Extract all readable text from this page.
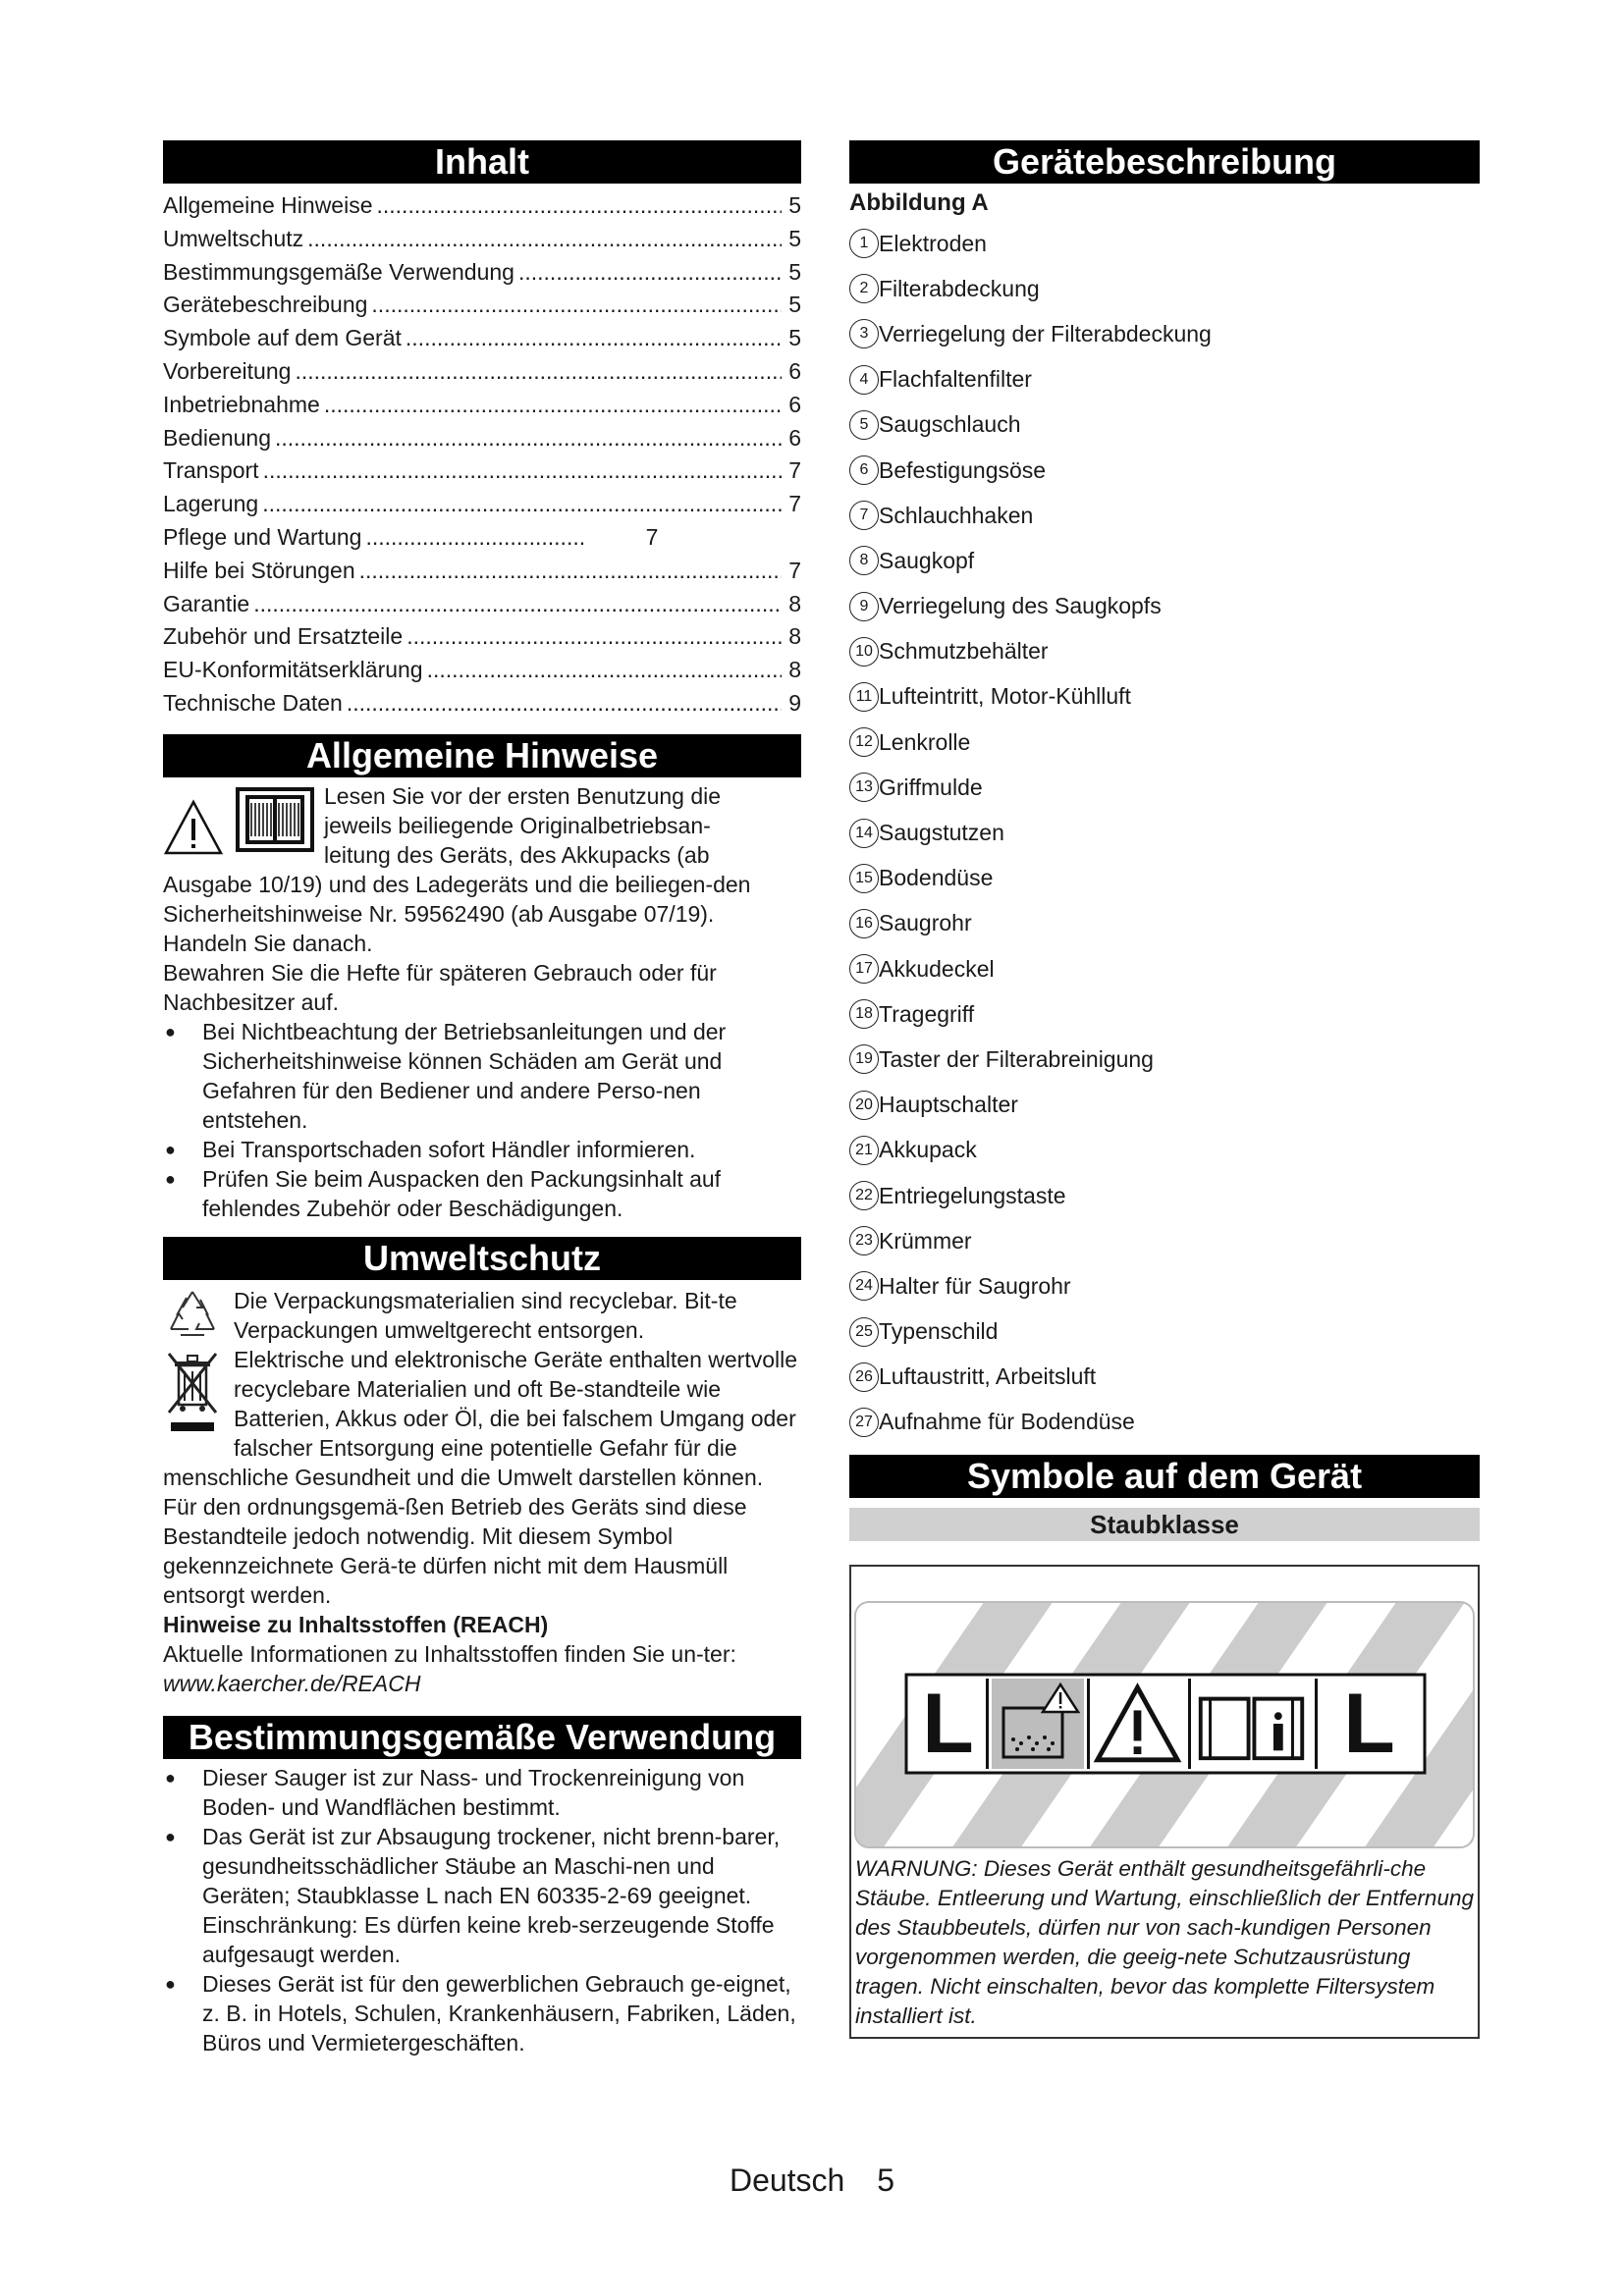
Inhalt
Allgemeine Hinweise .....	5
Umweltschutz .....	5
Bestimmungsgemäße Verwendung .....	5
Gerätebeschreibung .....	5
Symbole auf dem Gerät .....	5
Vorbereitung .....	6
Inbetriebnahme .....	6
Bedienung .....	6
Transport .....	7
Lagerung .....	7
Pflege und Wartung .....	7
Hilfe bei Störungen .....	7
Garantie .....	8
Zubehör und Ersatzteile .....	8
EU-Konformitätserklärung .....	8
Technische Daten .....	9
Allgemeine Hinweise
Lesen Sie vor der ersten Benutzung die
jeweils beiliegende Originalbetriebsan-
leitung des Geräts, des Akkupacks (ab
Ausgabe 10/19) und des Ladegeräts und die beiliegen-den Sicherheitshinweise Nr. 59562490 (ab Ausgabe 07/19). Handeln Sie danach.
Bewahren Sie die Hefte für späteren Gebrauch oder für Nachbesitzer auf.
● Bei Nichtbeachtung der Betriebsanleitungen und der Sicherheitshinweise können Schäden am Gerät und Gefahren für den Bediener und andere Perso-nen entstehen.
● Bei Transportschaden sofort Händler informieren.
● Prüfen Sie beim Auspacken den Packungsinhalt auf fehlendes Zubehör oder Beschädigungen.
Umweltschutz

Die Verpackungsmaterialien sind recyclebar. Bit-te Verpackungen umweltgerecht entsorgen.
Elektrische und elektronische Geräte enthalten wertvolle recyclebare Materialien und oft Be-standteile wie Batterien, Akkus oder Öl, die bei falschem Umgang oder falscher Entsorgung eine potentielle Gefahr für die menschliche Gesundheit und die Umwelt darstellen können. Für den ordnungsgemä-ßen Betrieb des Geräts sind diese Bestandteile jedoch notwendig. Mit diesem Symbol gekennzeichnete Gerä-te dürfen nicht mit dem Hausmüll entsorgt werden.
Hinweise zu Inhaltsstoffen (REACH)
Aktuelle Informationen zu Inhaltsstoffen finden Sie un-ter: www.kaercher.de/REACH
Bestimmungsgemäße Verwendung
● Dieser Sauger ist zur Nass- und Trockenreinigung von Boden- und Wandflächen bestimmt.
● Das Gerät ist zur Absaugung trockener, nicht brenn-barer, gesundheitsschädlicher Stäube an Maschi-nen und Geräten; Staubklasse L nach EN 60335-2-69 geeignet. Einschränkung: Es dürfen keine kreb-serzeugende Stoffe aufgesaugt werden.
● Dieses Gerät ist für den gewerblichen Gebrauch ge-eignet, z. B. in Hotels, Schulen, Krankenhäusern, Fabriken, Läden, Büros und Vermietergeschäften.
Gerätebeschreibung
Abbildung A
1 Elektroden
2 Filterabdeckung
3 Verriegelung der Filterabdeckung
4 Flachfaltenfilter
5 Saugschlauch
6 Befestigungsöse
7 Schlauchhaken
8 Saugkopf
9 Verriegelung des Saugkopfs
10 Schmutzbehälter
11 Lufteintritt, Motor-Kühlluft
12 Lenkrolle
13 Griffmulde
14 Saugstutzen
15 Bodendüse
16 Saugrohr
17 Akkudeckel
18 Tragegriff
19 Taster der Filterabreinigung
20 Hauptschalter
21 Akkupack
22 Entriegelungstaste
23 Krümmer
24 Halter für Saugrohr
25 Typenschild
26 Luftaustritt, Arbeitsluft
27 Aufnahme für Bodendüse
Symbole auf dem Gerät
Staubklasse
L	L
WARNUNG: Dieses Gerät enthält gesundheitsgefährli-che Stäube. Entleerung und Wartung, einschließlich der Entfernung des Staubbeutels, dürfen nur von sach-kundigen Personen vorgenommen werden, die geeig-nete Schutzausrüstung tragen. Nicht einschalten, bevor das komplette Filtersystem installiert ist.
Deutsch 5
